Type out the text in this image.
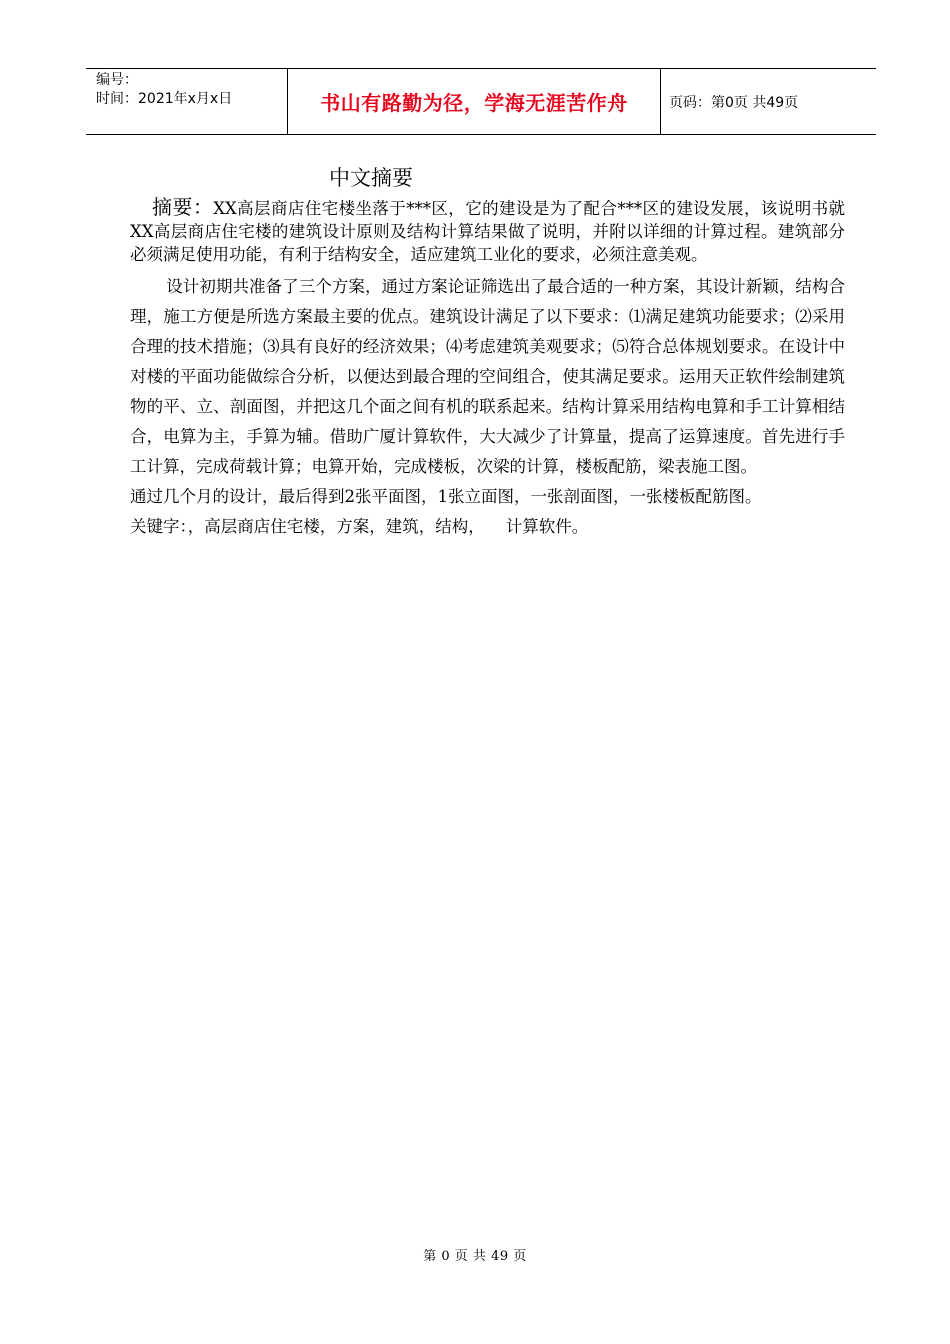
编号：
时间：2021年x月x日	书山有路勤为径，学海无涯苦作舟	页码：第0页 共49页
中文摘要

摘要：XX高层商店住宅楼坐落于***区，它的建设是为了配合***区的建设发展，该说明书就XX高层商店住宅楼的建筑设计原则及结构计算结果做了说明，并附以详细的计算过程。建筑部分必须满足使用功能，有利于结构安全，适应建筑工业化的要求，必须注意美观。

设计初期共准备了三个方案，通过方案论证筛选出了最合适的一种方案，其设计新颖，结构合理，施工方便是所选方案最主要的优点。建筑设计满足了以下要求：⑴满足建筑功能要求；⑵采用合理的技术措施；⑶具有良好的经济效果；⑷考虑建筑美观要求；⑸符合总体规划要求。在设计中对楼的平面功能做综合分析，以便达到最合理的空间组合，使其满足要求。运用天正软件绘制建筑物的平、立、剖面图，并把这几个面之间有机的联系起来。结构计算采用结构电算和手工计算相结合，电算为主，手算为辅。借助广厦计算软件，大大减少了计算量，提高了运算速度。首先进行手工计算，完成荷载计算；电算开始，完成楼板，次梁的计算，楼板配筋，梁表施工图。

通过几个月的设计，最后得到2张平面图，1张立面图，一张剖面图，一张楼板配筋图。

关键字：，高层商店住宅楼，方案，建筑，结构，    计算软件。

第 0 页 共 49 页
